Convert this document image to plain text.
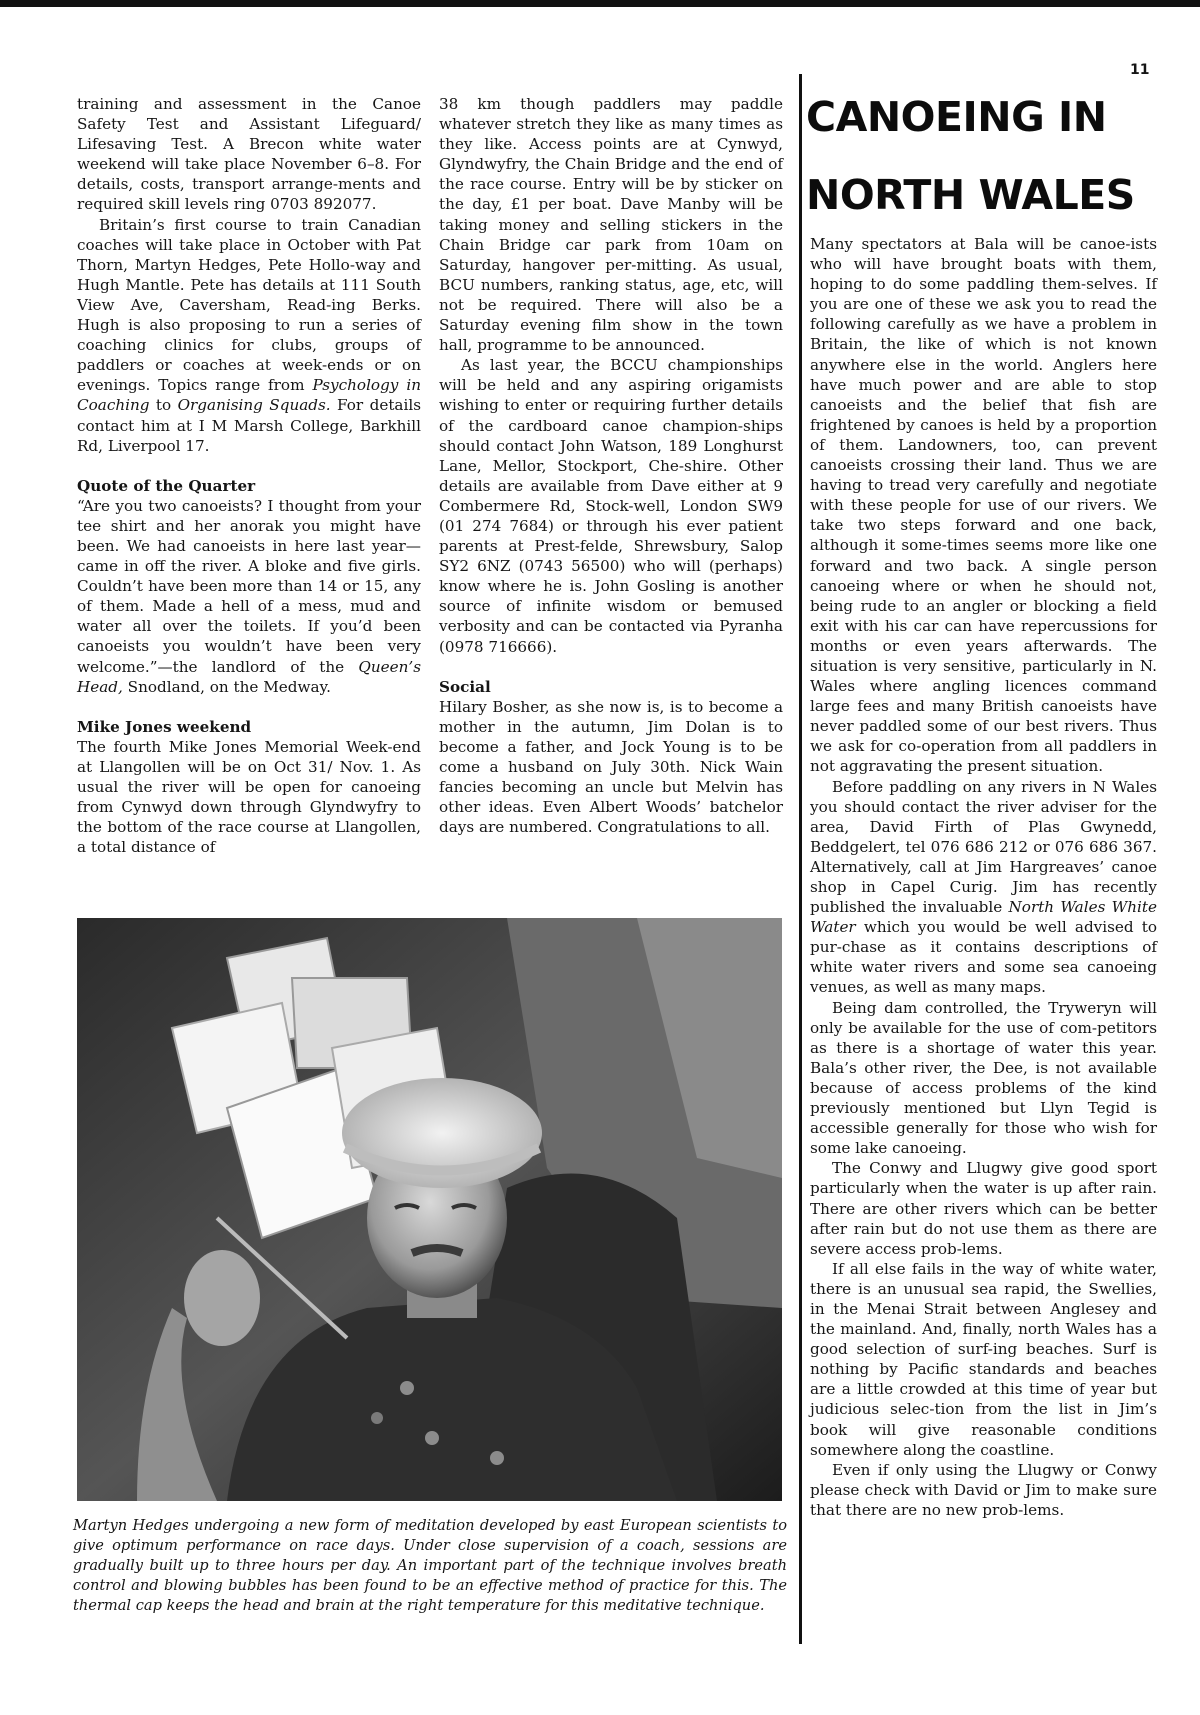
11

training and assessment in the Canoe Safety Test and Assistant Lifeguard/ Lifesaving Test. A Brecon white water weekend will take place November 6–8. For details, costs, transport arrange-ments and required skill levels ring 0703 892077.

Britain’s first course to train Canadian coaches will take place in October with Pat Thorn, Martyn Hedges, Pete Hollo-way and Hugh Mantle. Pete has details at 111 South View Ave, Caversham, Read-ing Berks. Hugh is also proposing to run a series of coaching clinics for clubs, groups of paddlers or coaches at week-ends or on evenings. Topics range from Psychology in Coaching to Organising Squads. For details contact him at I M Marsh College, Barkhill Rd, Liverpool 17.

Quote of the Quarter

“Are you two canoeists? I thought from your tee shirt and her anorak you might have been. We had canoeists in here last year—came in off the river. A bloke and five girls. Couldn’t have been more than 14 or 15, any of them. Made a hell of a mess, mud and water all over the toilets. If you’d been canoeists you wouldn’t have been very welcome.”—the landlord of the Queen’s Head, Snodland, on the Medway.

Mike Jones weekend

The fourth Mike Jones Memorial Week-end at Llangollen will be on Oct 31/ Nov. 1. As usual the river will be open for canoeing from Cynwyd down through Glyndwyfry to the bottom of the race course at Llangollen, a total distance of

38 km though paddlers may paddle whatever stretch they like as many times as they like. Access points are at Cynwyd, Glyndwyfry, the Chain Bridge and the end of the race course. Entry will be by sticker on the day, £1 per boat. Dave Manby will be taking money and selling stickers in the Chain Bridge car park from 10am on Saturday, hangover per-mitting. As usual, BCU numbers, ranking status, age, etc, will not be required. There will also be a Saturday evening film show in the town hall, programme to be announced.

As last year, the BCCU championships will be held and any aspiring origamists wishing to enter or requiring further details of the cardboard canoe champion-ships should contact John Watson, 189 Longhurst Lane, Mellor, Stockport, Che-shire. Other details are available from Dave either at 9 Combermere Rd, Stock-well, London SW9 (01 274 7684) or through his ever patient parents at Prest-felde, Shrewsbury, Salop SY2 6NZ (0743 56500) who will (perhaps) know where he is. John Gosling is another source of infinite wisdom or bemused verbosity and can be contacted via Pyranha (0978 716666).

Social

Hilary Bosher, as she now is, is to become a mother in the autumn, Jim Dolan is to become a father, and Jock Young is to be come a husband on July 30th. Nick Wain fancies becoming an uncle but Melvin has other ideas. Even Albert Woods’ batchelor days are numbered. Congratulations to all.

CANOEING IN
NORTH WALES

Many spectators at Bala will be canoe-ists who will have brought boats with them, hoping to do some paddling them-selves. If you are one of these we ask you to read the following carefully as we have a problem in Britain, the like of which is not known anywhere else in the world. Anglers here have much power and are able to stop canoeists and the belief that fish are frightened by canoes is held by a proportion of them. Landowners, too, can prevent canoeists crossing their land. Thus we are having to tread very carefully and negotiate with these people for use of our rivers. We take two steps forward and one back, although it some-times seems more like one forward and two back. A single person canoeing where or when he should not, being rude to an angler or blocking a field exit with his car can have repercussions for months or even years afterwards. The situation is very sensitive, particularly in N. Wales where angling licences command large fees and many British canoeists have never paddled some of our best rivers. Thus we ask for co-operation from all paddlers in not aggravating the present situation.

Before paddling on any rivers in N Wales you should contact the river adviser for the area, David Firth of Plas Gwynedd, Beddgelert, tel 076 686 212 or 076 686 367. Alternatively, call at Jim Hargreaves’ canoe shop in Capel Curig. Jim has recently published the invaluable North Wales White Water which you would be well advised to pur-chase as it contains descriptions of white water rivers and some sea canoeing venues, as well as many maps.

Being dam controlled, the Tryweryn will only be available for the use of com-petitors as there is a shortage of water this year. Bala’s other river, the Dee, is not available because of access problems of the kind previously mentioned but Llyn Tegid is accessible generally for those who wish for some lake canoeing.

The Conwy and Llugwy give good sport particularly when the water is up after rain. There are other rivers which can be better after rain but do not use them as there are severe access prob-lems.

If all else fails in the way of white water, there is an unusual sea rapid, the Swellies, in the Menai Strait between Anglesey and the mainland. And, finally, north Wales has a good selection of surf-ing beaches. Surf is nothing by Pacific standards and beaches are a little crowded at this time of year but judicious selec-tion from the list in Jim’s book will give reasonable conditions somewhere along the coastline.

Even if only using the Llugwy or Conwy please check with David or Jim to make sure that there are no new prob-lems.

Martyn Hedges undergoing a new form of meditation developed by east European scientists to give optimum performance on race days. Under close supervision of a coach, sessions are gradually built up to three hours per day. An important part of the technique involves breath control and blowing bubbles has been found to be an effective method of practice for this. The thermal cap keeps the head and brain at the right temperature for this meditative technique.
